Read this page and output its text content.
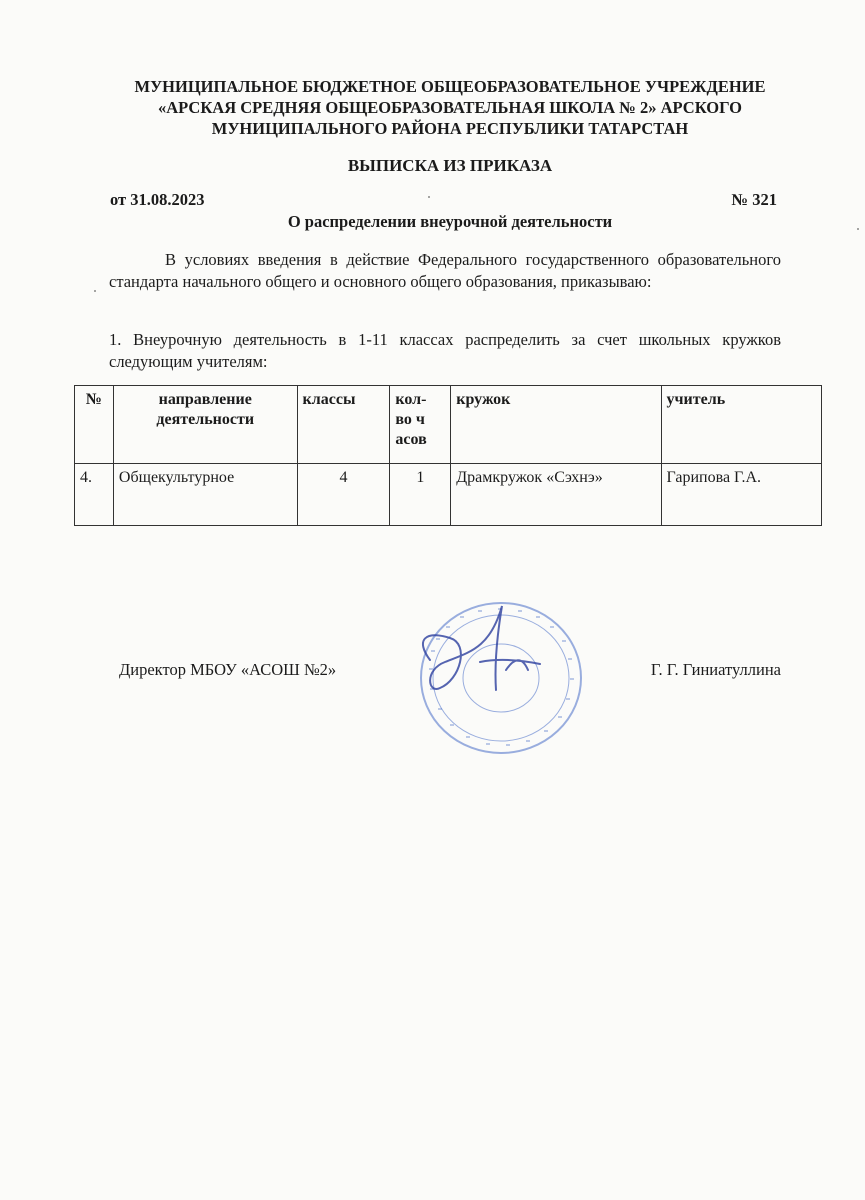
МУНИЦИПАЛЬНОЕ БЮДЖЕТНОЕ ОБЩЕОБРАЗОВАТЕЛЬНОЕ УЧРЕЖДЕНИЕ
«АРСКАЯ СРЕДНЯЯ ОБЩЕОБРАЗОВАТЕЛЬНАЯ ШКОЛА № 2» АРСКОГО
МУНИЦИПАЛЬНОГО РАЙОНА РЕСПУБЛИКИ ТАТАРСТАН
ВЫПИСКА ИЗ ПРИКАЗА
от 31.08.2023	№ 321
О распределении внеурочной деятельности
В условиях введения в действие Федерального государственного образовательного стандарта начального общего и основного общего образования, приказываю:
1. Внеурочную деятельность в 1-11 классах распределить за счет школьных кружков следующим учителям:
№	направление деятельности	классы	кол-во часов	кружок	учитель
4.	Общекультурное	4	1	Драмкружок «Сэхнэ»	Гарипова Г.А.
Директор МБОУ «АСОШ №2»	Г. Г. Гиниатуллина
